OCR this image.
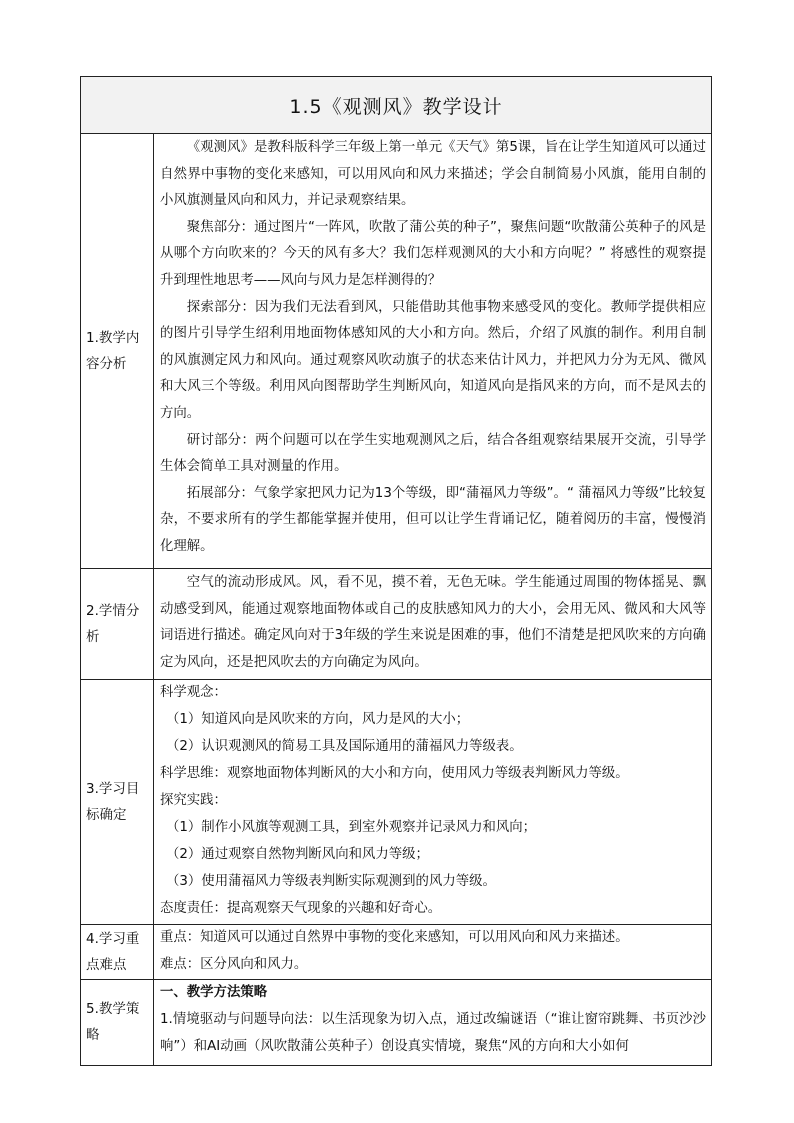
1.5《观测风》教学设计
1.教学内容分析

《观测风》是教科版科学三年级上第一单元《天气》第5课，旨在让学生知道风可以通过自然界中事物的变化来感知，可以用风向和风力来描述；学会自制简易小风旗，能用自制的小风旗测量风向和风力，并记录观察结果。

聚焦部分：通过图片“一阵风，吹散了蒲公英的种子”，聚焦问题“吹散蒲公英种子的风是从哪个方向吹来的？今天的风有多大？我们怎样观测风的大小和方向呢？” 将感性的观察提升到理性地思考——风向与风力是怎样测得的？

探索部分：因为我们无法看到风，只能借助其他事物来感受风的变化。教师学提供相应的图片引导学生绍利用地面物体感知风的大小和方向。然后，介绍了风旗的制作。利用自制的风旗测定风力和风向。通过观察风吹动旗子的状态来估计风力，并把风力分为无风、微风和大风三个等级。利用风向图帮助学生判断风向，知道风向是指风来的方向，而不是风去的方向。

研讨部分：两个问题可以在学生实地观测风之后，结合各组观察结果展开交流，引导学生体会简单工具对测量的作用。

拓展部分：气象学家把风力记为13个等级，即“蒲福风力等级”。“ 蒲福风力等级”比较复杂，不要求所有的学生都能掌握并使用，但可以让学生背诵记忆，随着阅历的丰富，慢慢消化理解。

2.学情分析

空气的流动形成风。风，看不见，摸不着，无色无味。学生能通过周围的物体摇晃、飘动感受到风，能通过观察地面物体或自己的皮肤感知风力的大小，会用无风、微风和大风等词语进行描述。确定风向对于3年级的学生来说是困难的事，他们不清楚是把风吹来的方向确定为风向，还是把风吹去的方向确定为风向。

3.学习目标确定

科学观念：

（1）知道风向是风吹来的方向，风力是风的大小；

（2）认识观测风的简易工具及国际通用的蒲福风力等级表。

科学思维：观察地面物体判断风的大小和方向，使用风力等级表判断风力等级。

探究实践：

（1）制作小风旗等观测工具，到室外观察并记录风力和风向；

（2）通过观察自然物判断风向和风力等级；

（3）使用蒲福风力等级表判断实际观测到的风力等级。

态度责任：提高观察天气现象的兴趣和好奇心。

4.学习重点难点

重点：知道风可以通过自然界中事物的变化来感知，可以用风向和风力来描述。

难点：区分风向和风力。

5.教学策略

一、教学方法策略

1.情境驱动与问题导向法：以生活现象为切入点，通过改编谜语（“谁让窗帘跳舞、书页沙沙响”）和AI动画（风吹散蒲公英种子）创设真实情境，聚焦“风的方向和大小如何
